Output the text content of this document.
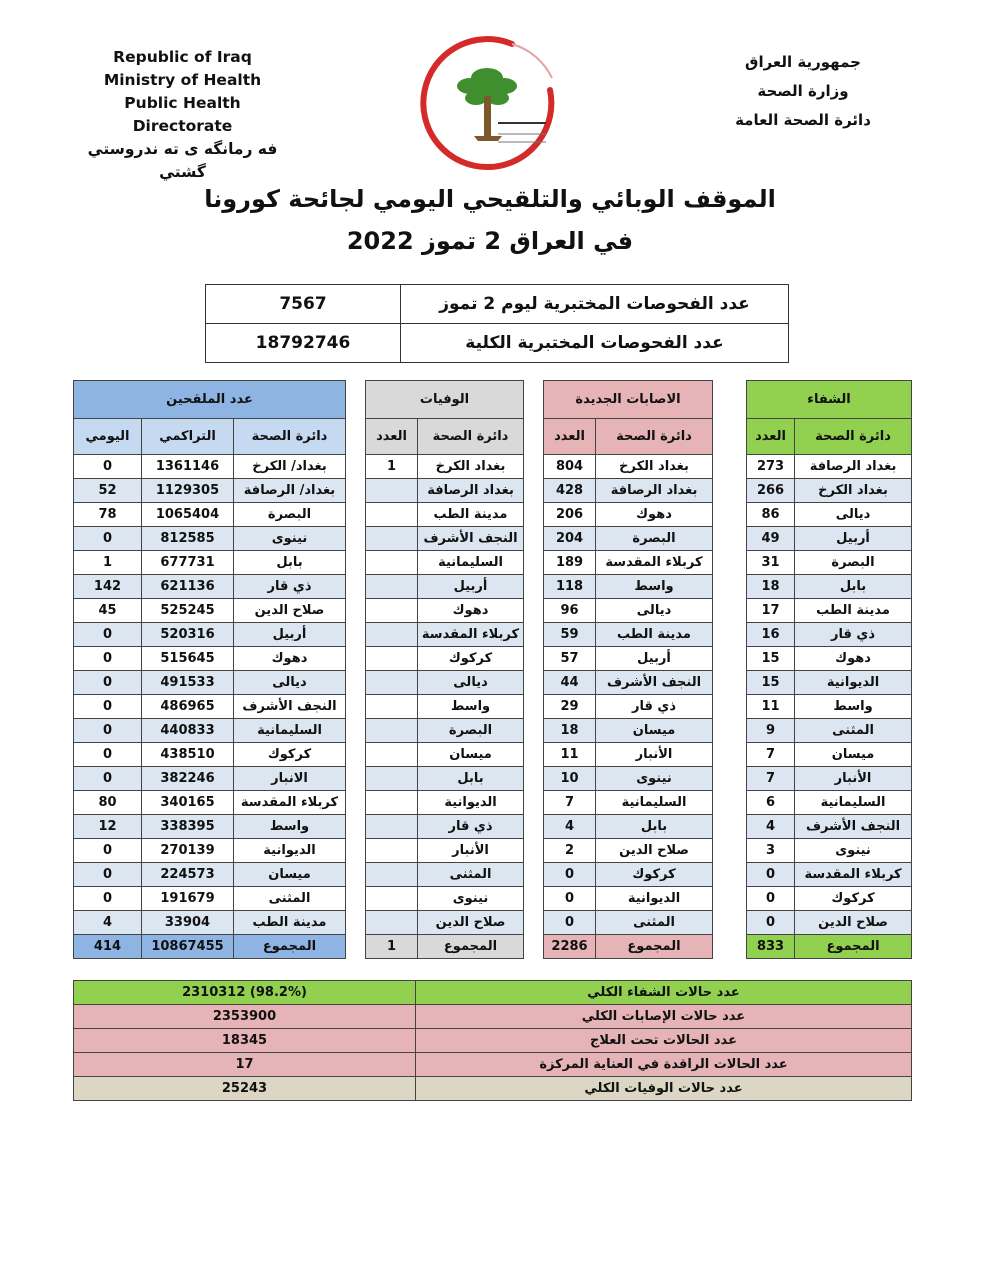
Republic of Iraq
Ministry of Health
Public Health Directorate
فه رمانگه ى ته ندروستي گشتي
جمهورية العراق
وزارة الصحة
دائرة الصحة العامة
الموقف الوبائي والتلقيحي اليومي لجائحة كورونا
في العراق 2 تموز 2022
عدد الفحوصات المختبرية ليوم 2 تموز	7567
عدد الفحوصات المختبرية الكلية	18792746
الشفاء			الاصابات الجديدة			الوفيات			عدد الملقحين		
دائرة الصحة	العدد		دائرة الصحة	العدد		دائرة الصحة	العدد		دائرة الصحة	التراكمي	اليومي
بغداد الرصافة	273		بغداد الكرخ	804		بغداد الكرخ	1		بغداد/ الكرخ	1361146	0
بغداد الكرخ	266		بغداد الرصافة	428		بغداد الرصافة			بغداد/ الرصافة	1129305	52
ديالى	86		دهوك	206		مدينة الطب			البصرة	1065404	78
أربيل	49		البصرة	204		النجف الأشرف			نينوى	812585	0
البصرة	31		كربلاء المقدسة	189		السليمانية			بابل	677731	1
بابل	18		واسط	118		أربيل			ذي قار	621136	142
مدينة الطب	17		ديالى	96		دهوك			صلاح الدين	525245	45
ذي قار	16		مدينة الطب	59		كربلاء المقدسة			أربيل	520316	0
دهوك	15		أربيل	57		كركوك			دهوك	515645	0
الديوانية	15		النجف الأشرف	44		ديالى			ديالى	491533	0
واسط	11		ذي قار	29		واسط			النجف الأشرف	486965	0
المثنى	9		ميسان	18		البصرة			السليمانية	440833	0
ميسان	7		الأنبار	11		ميسان			كركوك	438510	0
الأنبار	7		نينوى	10		بابل			الانبار	382246	0
السليمانية	6		السليمانية	7		الديوانية			كربلاء المقدسة	340165	80
النجف الأشرف	4		بابل	4		ذي قار			واسط	338395	12
نينوى	3		صلاح الدين	2		الأنبار			الديوانية	270139	0
كربلاء المقدسة	0		كركوك	0		المثنى			ميسان	224573	0
كركوك	0		الديوانية	0		نينوى			المثنى	191679	0
صلاح الدين	0		المثنى	0		صلاح الدين			مدينة الطب	33904	4
المجموع	833		المجموع	2286		المجموع	1		المجموع	10867455	414
2310312 (98.2%)	عدد حالات الشفاء الكلي
2353900	عدد حالات الإصابات الكلي
18345	عدد الحالات تحت العلاج
17	عدد الحالات الراقدة في العناية المركزة
25243	عدد حالات الوفيات الكلي
